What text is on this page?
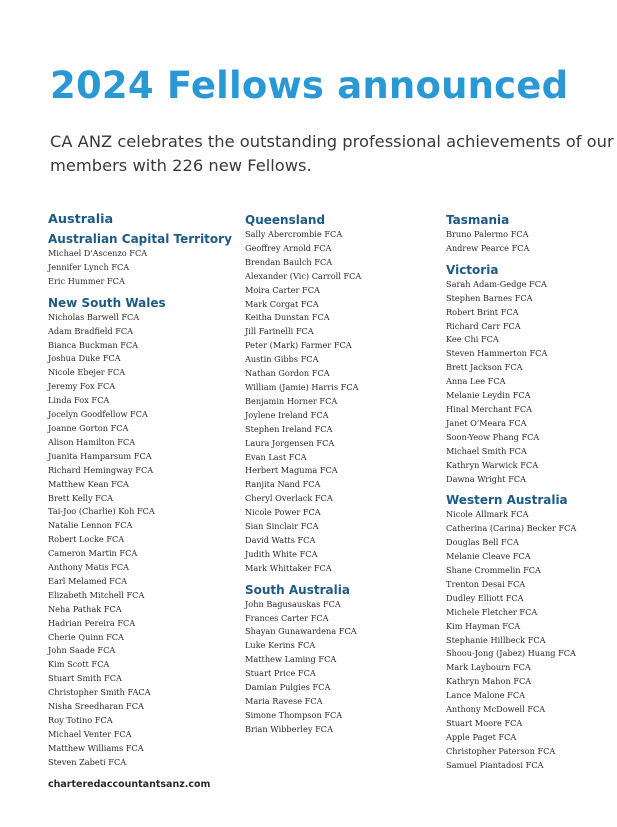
2024 Fellows announced
CA ANZ celebrates the outstanding professional achievements of our members with 226 new Fellows.
Australia
Australian Capital Territory
Michael D'Ascenzo FCA
Jennifer Lynch FCA
Eric Hummer FCA
New South Wales
Nicholas Barwell FCA
Adam Bradfield FCA
Bianca Buckman FCA
Joshua Duke FCA
Nicole Ebejer FCA
Jeremy Fox FCA
Linda Fox FCA
Jocelyn Goodfellow FCA
Joanne Gorton FCA
Alison Hamilton FCA
Juanita Hamparsum FCA
Richard Hemingway FCA
Matthew Kean FCA
Brett Kelly FCA
Tai-Joo (Charlie) Koh FCA
Natalie Lennon FCA
Robert Locke FCA
Cameron Martin FCA
Anthony Matis FCA
Earl Melamed FCA
Elizabeth Mitchell FCA
Neha Pathak FCA
Hadrian Pereira FCA
Cherie Quinn FCA
John Saade FCA
Kim Scott FCA
Stuart Smith FCA
Christopher Smith FACA
Nisha Sreedharan FCA
Roy Totino FCA
Michael Venter FCA
Matthew Williams FCA
Steven Zabeti FCA
Queensland
Sally Abercrombie FCA
Geoffrey Arnold FCA
Brendan Baulch FCA
Alexander (Vic) Carroll FCA
Moira Carter FCA
Mark Corgat FCA
Keitha Dunstan FCA
Jill Farinelli FCA
Peter (Mark) Farmer FCA
Austin Gibbs FCA
Nathan Gordon FCA
William (Jamie) Harris FCA
Benjamin Horner FCA
Joylene Ireland FCA
Stephen Ireland FCA
Laura Jorgensen FCA
Evan Last FCA
Herbert Maguma FCA
Ranjita Nand FCA
Cheryl Overlack FCA
Nicole Power FCA
Sian Sinclair FCA
David Watts FCA
Judith White FCA
Mark Whittaker FCA
South Australia
John Bagusauskas FCA
Frances Carter FCA
Shayan Gunawardena FCA
Luke Kerins FCA
Matthew Laming FCA
Stuart Price FCA
Damian Pulgies FCA
Maria Ravese FCA
Simone Thompson FCA
Brian Wibberley FCA
Tasmania
Bruno Palermo FCA
Andrew Pearce FCA
Victoria
Sarah Adam-Gedge FCA
Stephen Barnes FCA
Robert Brint FCA
Richard Carr FCA
Kee Chi FCA
Steven Hammerton FCA
Brett Jackson FCA
Anna Lee FCA
Melanie Leydin FCA
Hinal Merchant FCA
Janet O'Meara FCA
Soon-Yeow Phang FCA
Michael Smith FCA
Kathryn Warwick FCA
Dawna Wright FCA
Western Australia
Nicole Allmark FCA
Catherina (Carina) Becker FCA
Douglas Bell FCA
Melanie Cleave FCA
Shane Crommelin FCA
Trenton Desai FCA
Dudley Elliott FCA
Michele Fletcher FCA
Kim Hayman FCA
Stephanie Hillbeck FCA
Shoou-Jong (Jabez) Huang FCA
Mark Laybourn FCA
Kathryn Mahon FCA
Lance Malone FCA
Anthony McDowell FCA
Stuart Moore FCA
Apple Paget FCA
Christopher Paterson FCA
Samuel Piantadosi FCA
charteredaccountantsanz.com
